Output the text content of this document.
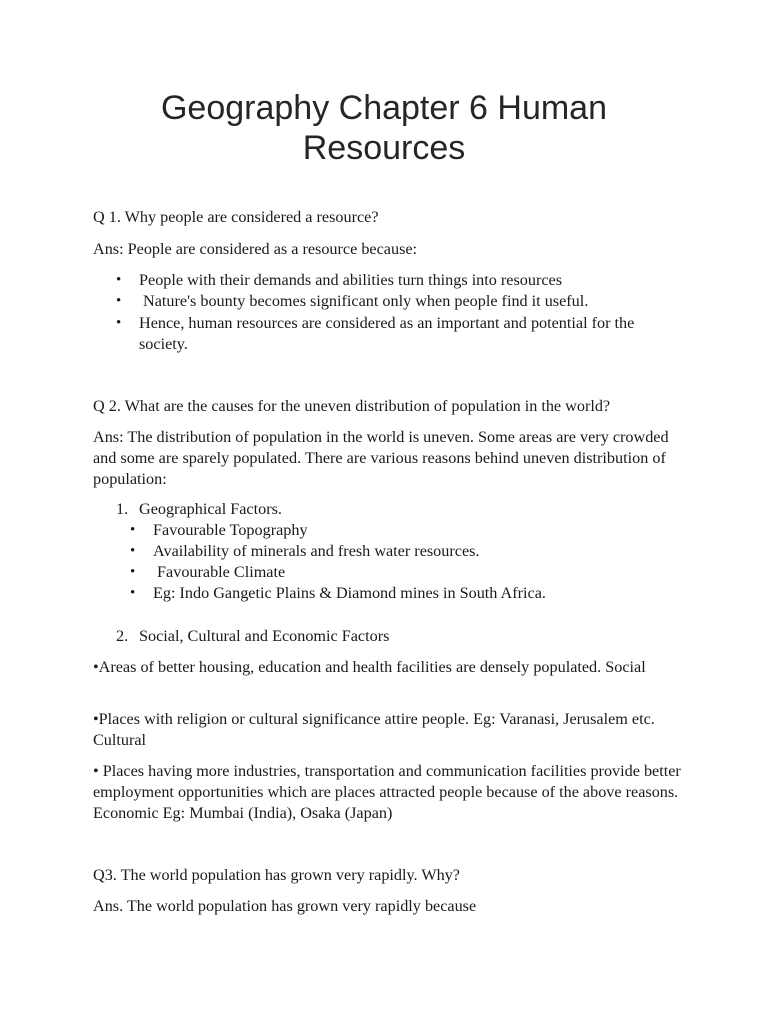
Geography Chapter 6 Human Resources
Q 1. Why people are considered a resource?
Ans: People are considered as a resource because:
• People with their demands and abilities turn things into resources
• Nature's bounty becomes significant only when people find it useful.
• Hence, human resources are considered as an important and potential for the society.
Q 2. What are the causes for the uneven distribution of population in the world?
Ans: The distribution of population in the world is uneven. Some areas are very crowded and some are sparely populated. There are various reasons behind uneven distribution of population:
1. Geographical Factors.
• Favourable Topography
• Availability of minerals and fresh water resources.
• Favourable Climate
• Eg: Indo Gangetic Plains & Diamond mines in South Africa.
2. Social, Cultural and Economic Factors
•Areas of better housing, education and health facilities are densely populated. Social
•Places with religion or cultural significance attire people. Eg: Varanasi, Jerusalem etc. Cultural
• Places having more industries, transportation and communication facilities provide better employment opportunities which are places attracted people because of the above reasons. Economic Eg: Mumbai (India), Osaka (Japan)
Q3. The world population has grown very rapidly. Why?
Ans. The world population has grown very rapidly because
